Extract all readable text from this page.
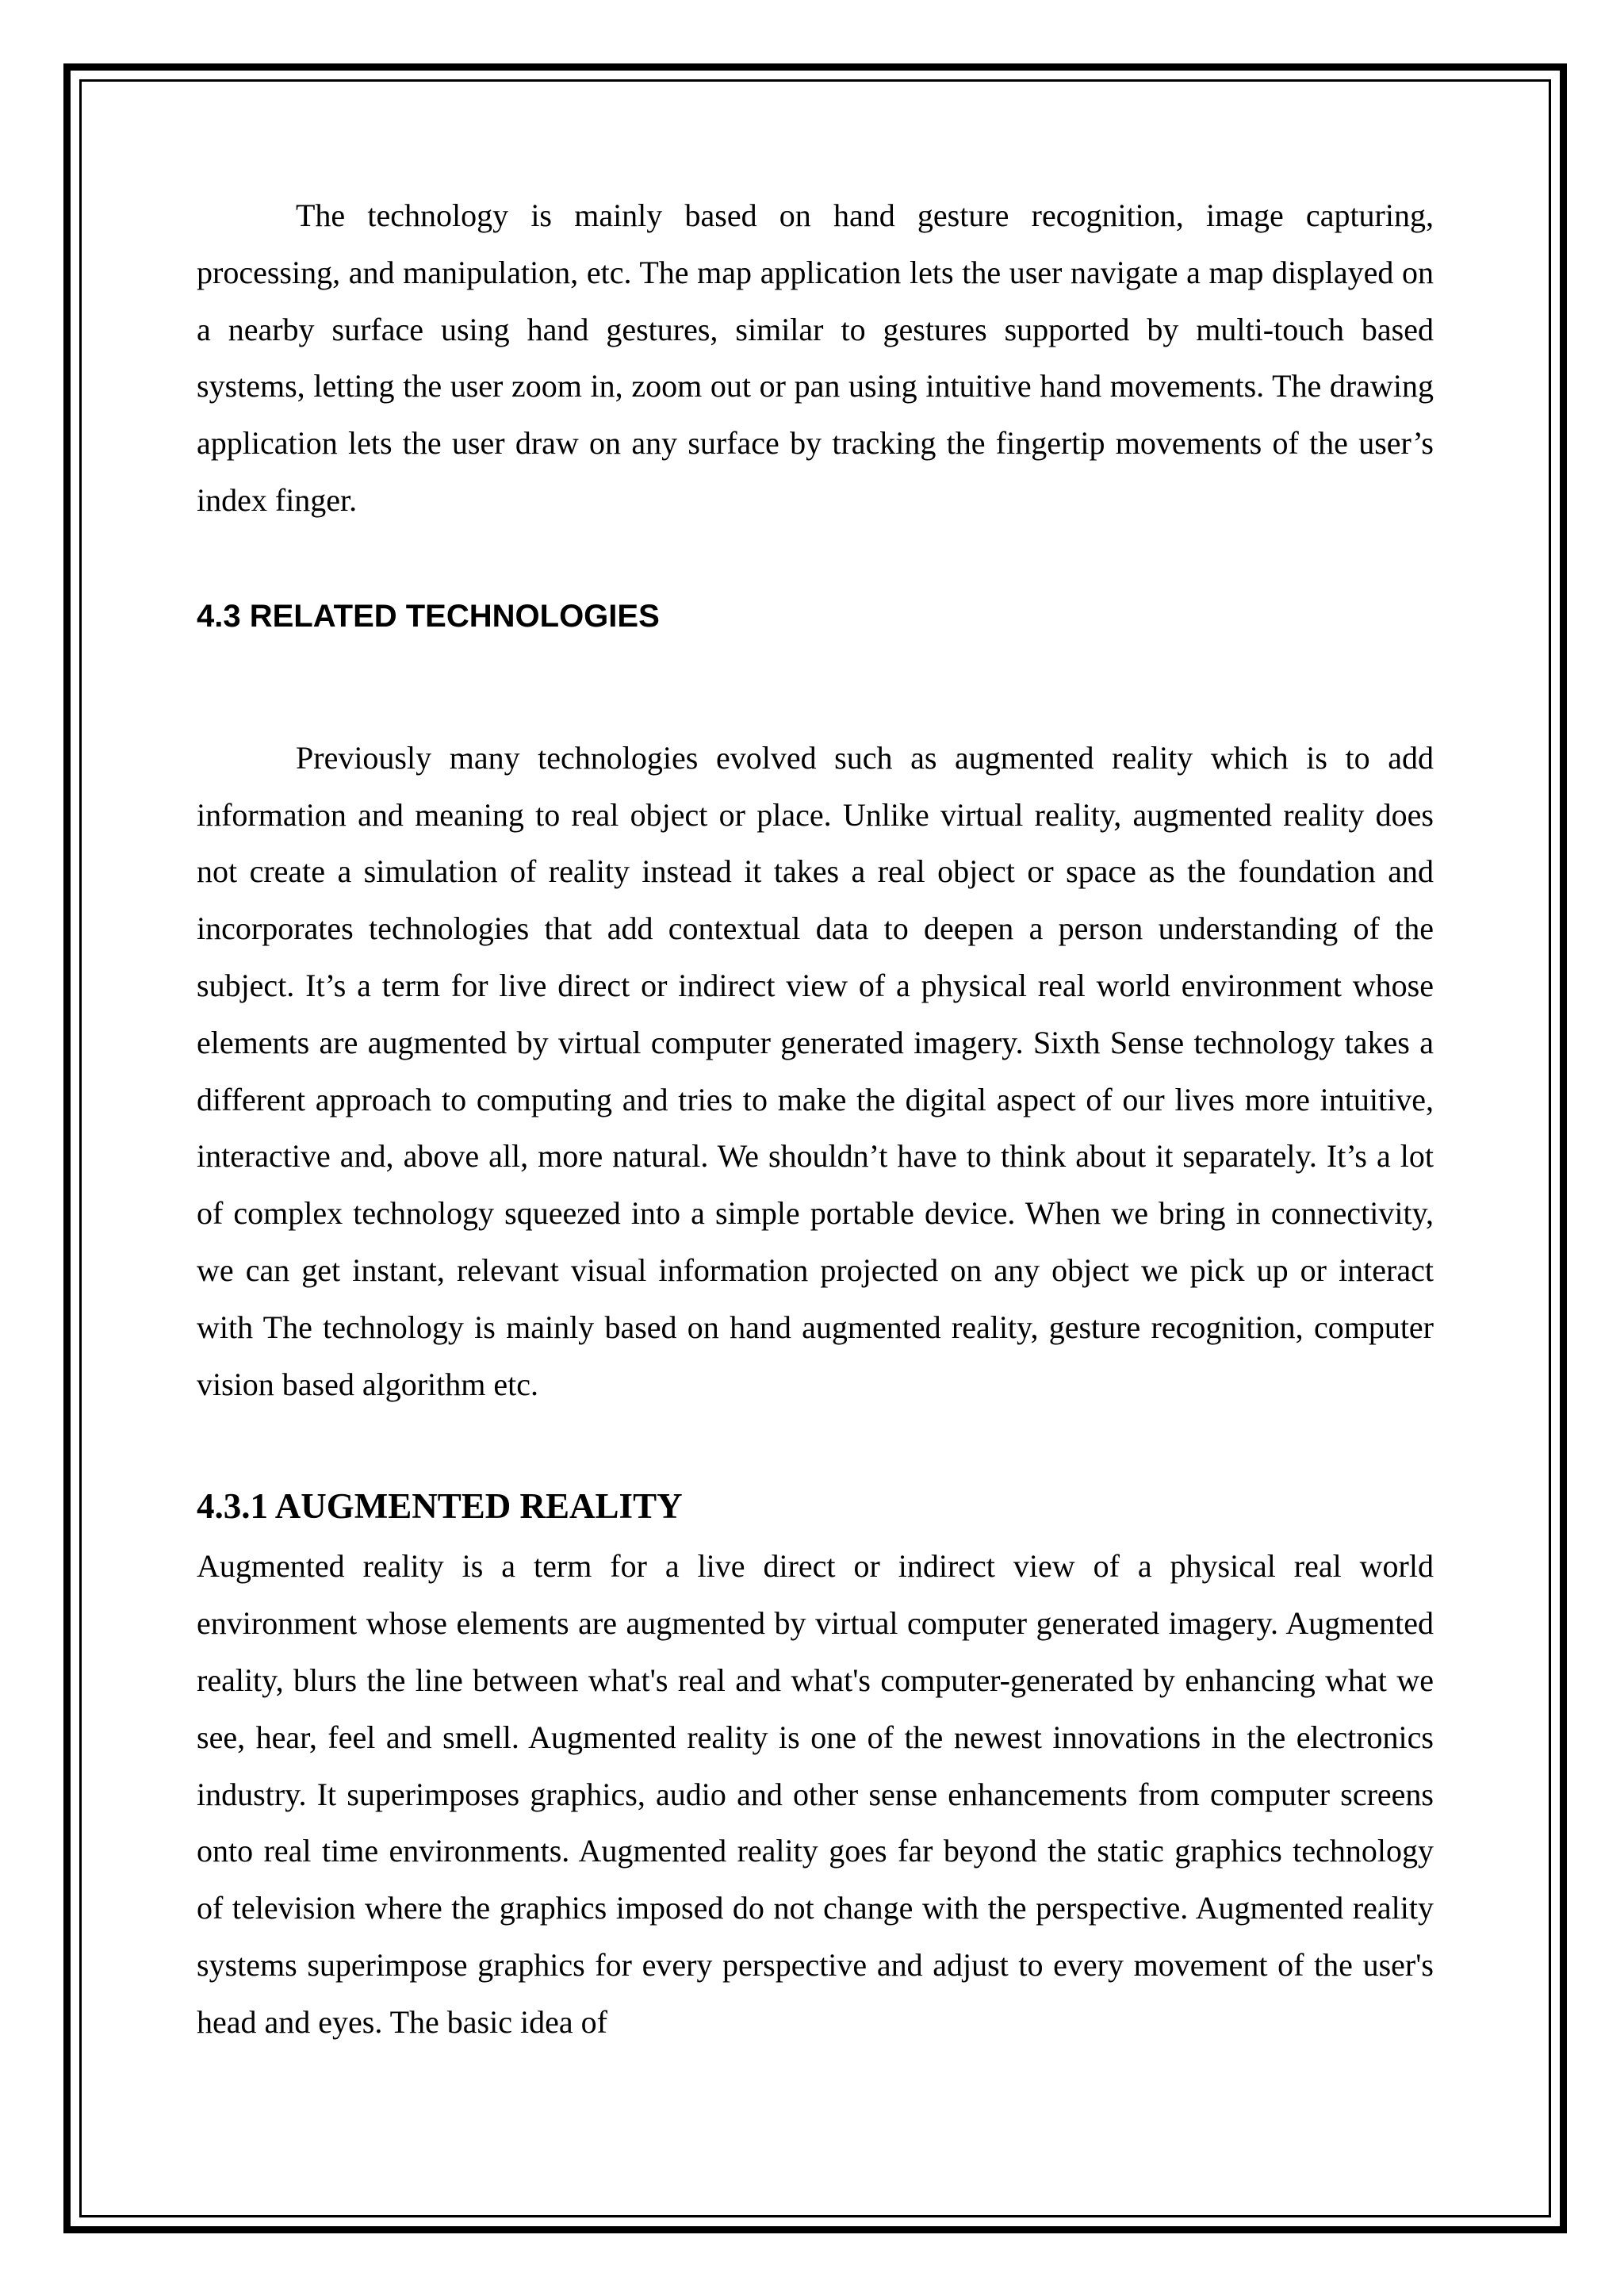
The technology is mainly based on hand gesture recognition, image capturing, processing, and manipulation, etc. The map application lets the user navigate a map displayed on a nearby surface using hand gestures, similar to gestures supported by multi-touch based systems, letting the user zoom in, zoom out or pan using intuitive hand movements. The drawing application lets the user draw on any surface by tracking the fingertip movements of the user’s index finger.

4.3 RELATED TECHNOLOGIES

Previously many technologies evolved such as augmented reality which is to add information and meaning to real object or place. Unlike virtual reality, augmented reality does not create a simulation of reality instead it takes a real object or space as the foundation and incorporates technologies that add contextual data to deepen a person understanding of the subject. It’s a term for live direct or indirect view of a physical real world environment whose elements are augmented by virtual computer generated imagery. Sixth Sense technology takes a different approach to computing and tries to make the digital aspect of our lives more intuitive, interactive and, above all, more natural. We shouldn’t have to think about it separately. It’s a lot of complex technology squeezed into a simple portable device. When we bring in connectivity, we can get instant, relevant visual information projected on any object we pick up or interact with The technology is mainly based on hand augmented reality, gesture recognition, computer vision based algorithm etc.

4.3.1 AUGMENTED REALITY

Augmented reality is a term for a live direct or indirect view of a physical real world environment whose elements are augmented by virtual computer generated imagery. Augmented reality, blurs the line between what's real and what's computer-generated by enhancing what we see, hear, feel and smell. Augmented reality is one of the newest innovations in the electronics industry. It superimposes graphics, audio and other sense enhancements from computer screens onto real time environments. Augmented reality goes far beyond the static graphics technology of television where the graphics imposed do not change with the perspective. Augmented reality systems superimpose graphics for every perspective and adjust to every movement of the user's head and eyes. The basic idea of
